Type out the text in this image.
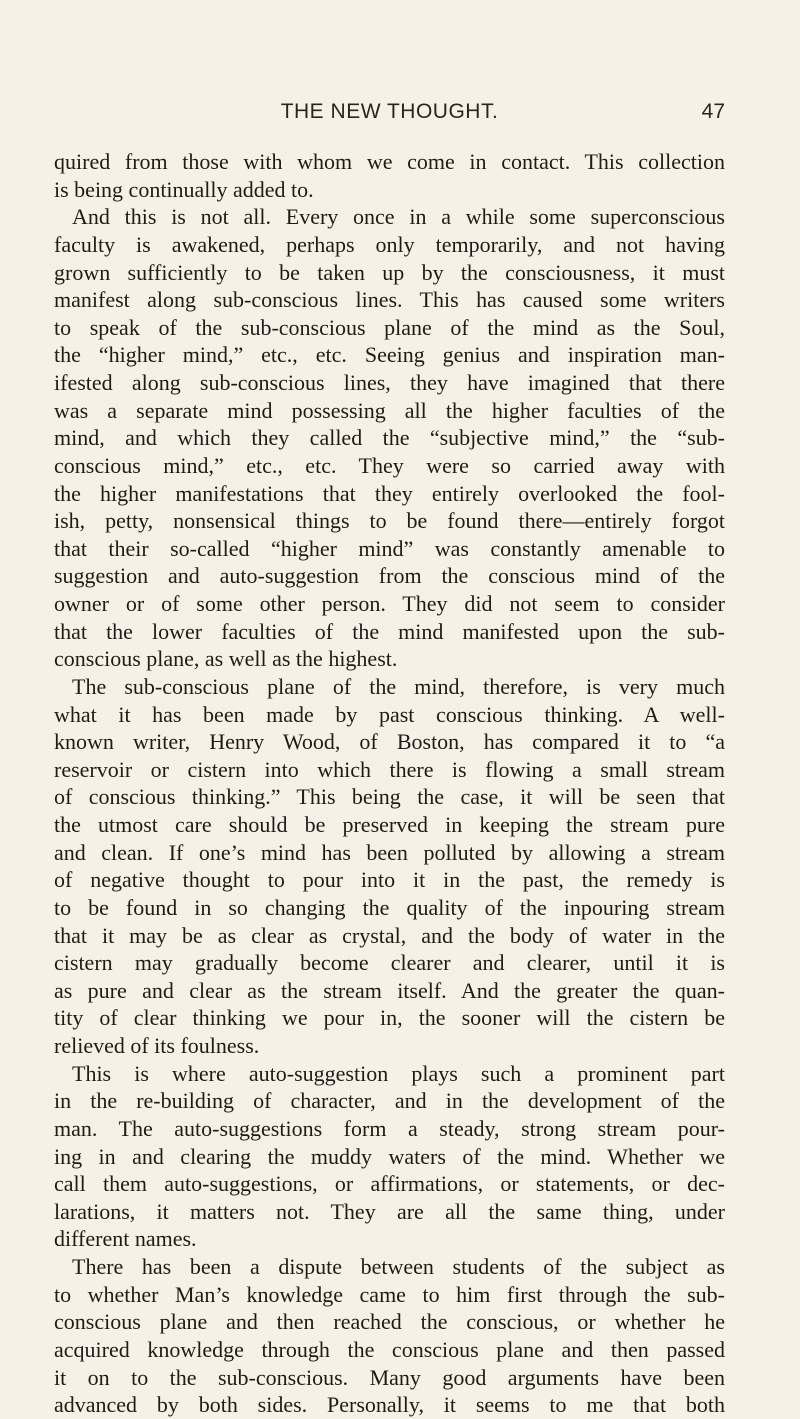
THE NEW THOUGHT.	47
quired from those with whom we come in contact. This collection
is being continually added to.
And this is not all. Every once in a while some superconscious
faculty is awakened, perhaps only temporarily, and not having
grown sufficiently to be taken up by the consciousness, it must
manifest along sub-conscious lines. This has caused some writers
to speak of the sub-conscious plane of the mind as the Soul,
the “higher mind,” etc., etc. Seeing genius and inspiration man-
ifested along sub-conscious lines, they have imagined that there
was a separate mind possessing all the higher faculties of the
mind, and which they called the “subjective mind,” the “sub-
conscious mind,” etc., etc. They were so carried away with
the higher manifestations that they entirely overlooked the fool-
ish, petty, nonsensical things to be found there—entirely forgot
that their so-called “higher mind” was constantly amenable to
suggestion and auto-suggestion from the conscious mind of the
owner or of some other person. They did not seem to consider
that the lower faculties of the mind manifested upon the sub-
conscious plane, as well as the highest.
The sub-conscious plane of the mind, therefore, is very much
what it has been made by past conscious thinking. A well-
known writer, Henry Wood, of Boston, has compared it to “a
reservoir or cistern into which there is flowing a small stream
of conscious thinking.” This being the case, it will be seen that
the utmost care should be preserved in keeping the stream pure
and clean. If one’s mind has been polluted by allowing a stream
of negative thought to pour into it in the past, the remedy is
to be found in so changing the quality of the inpouring stream
that it may be as clear as crystal, and the body of water in the
cistern may gradually become clearer and clearer, until it is
as pure and clear as the stream itself. And the greater the quan-
tity of clear thinking we pour in, the sooner will the cistern be
relieved of its foulness.
This is where auto-suggestion plays such a prominent part
in the re-building of character, and in the development of the
man. The auto-suggestions form a steady, strong stream pour-
ing in and clearing the muddy waters of the mind. Whether we
call them auto-suggestions, or affirmations, or statements, or dec-
larations, it matters not. They are all the same thing, under
different names.
There has been a dispute between students of the subject as
to whether Man’s knowledge came to him first through the sub-
conscious plane and then reached the conscious, or whether he
acquired knowledge through the conscious plane and then passed
it on to the sub-conscious. Many good arguments have been
advanced by both sides. Personally, it seems to me that both
